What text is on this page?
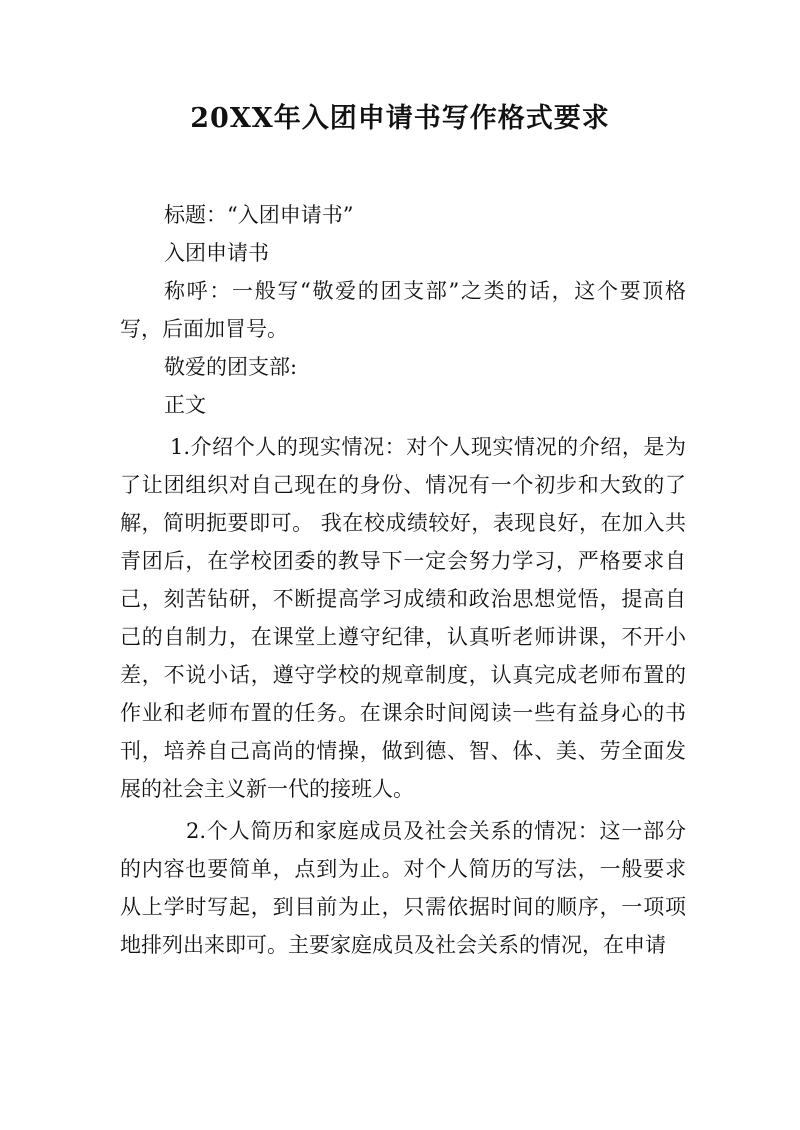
20XX年入团申请书写作格式要求

标题：“入团申请书”

入团申请书

称呼：一般写“敬爱的团支部”之类的话，这个要顶格写，后面加冒号。

敬爱的团支部:

正文

1.介绍个人的现实情况：对个人现实情况的介绍，是为了让团组织对自己现在的身份、情况有一个初步和大致的了解，简明扼要即可。 我在校成绩较好，表现良好，在加入共青团后，在学校团委的教导下一定会努力学习，严格要求自己，刻苦钻研，不断提高学习成绩和政治思想觉悟，提高自己的自制力，在课堂上遵守纪律，认真听老师讲课，不开小差，不说小话，遵守学校的规章制度，认真完成老师布置的作业和老师布置的任务。在课余时间阅读一些有益身心的书刊，培养自己高尚的情操，做到德、智、体、美、劳全面发展的社会主义新一代的接班人。

2.个人简历和家庭成员及社会关系的情况：这一部分的内容也要简单，点到为止。对个人简历的写法，一般要求从上学时写起，到目前为止，只需依据时间的顺序，一项项地排列出来即可。主要家庭成员及社会关系的情况，在申请
